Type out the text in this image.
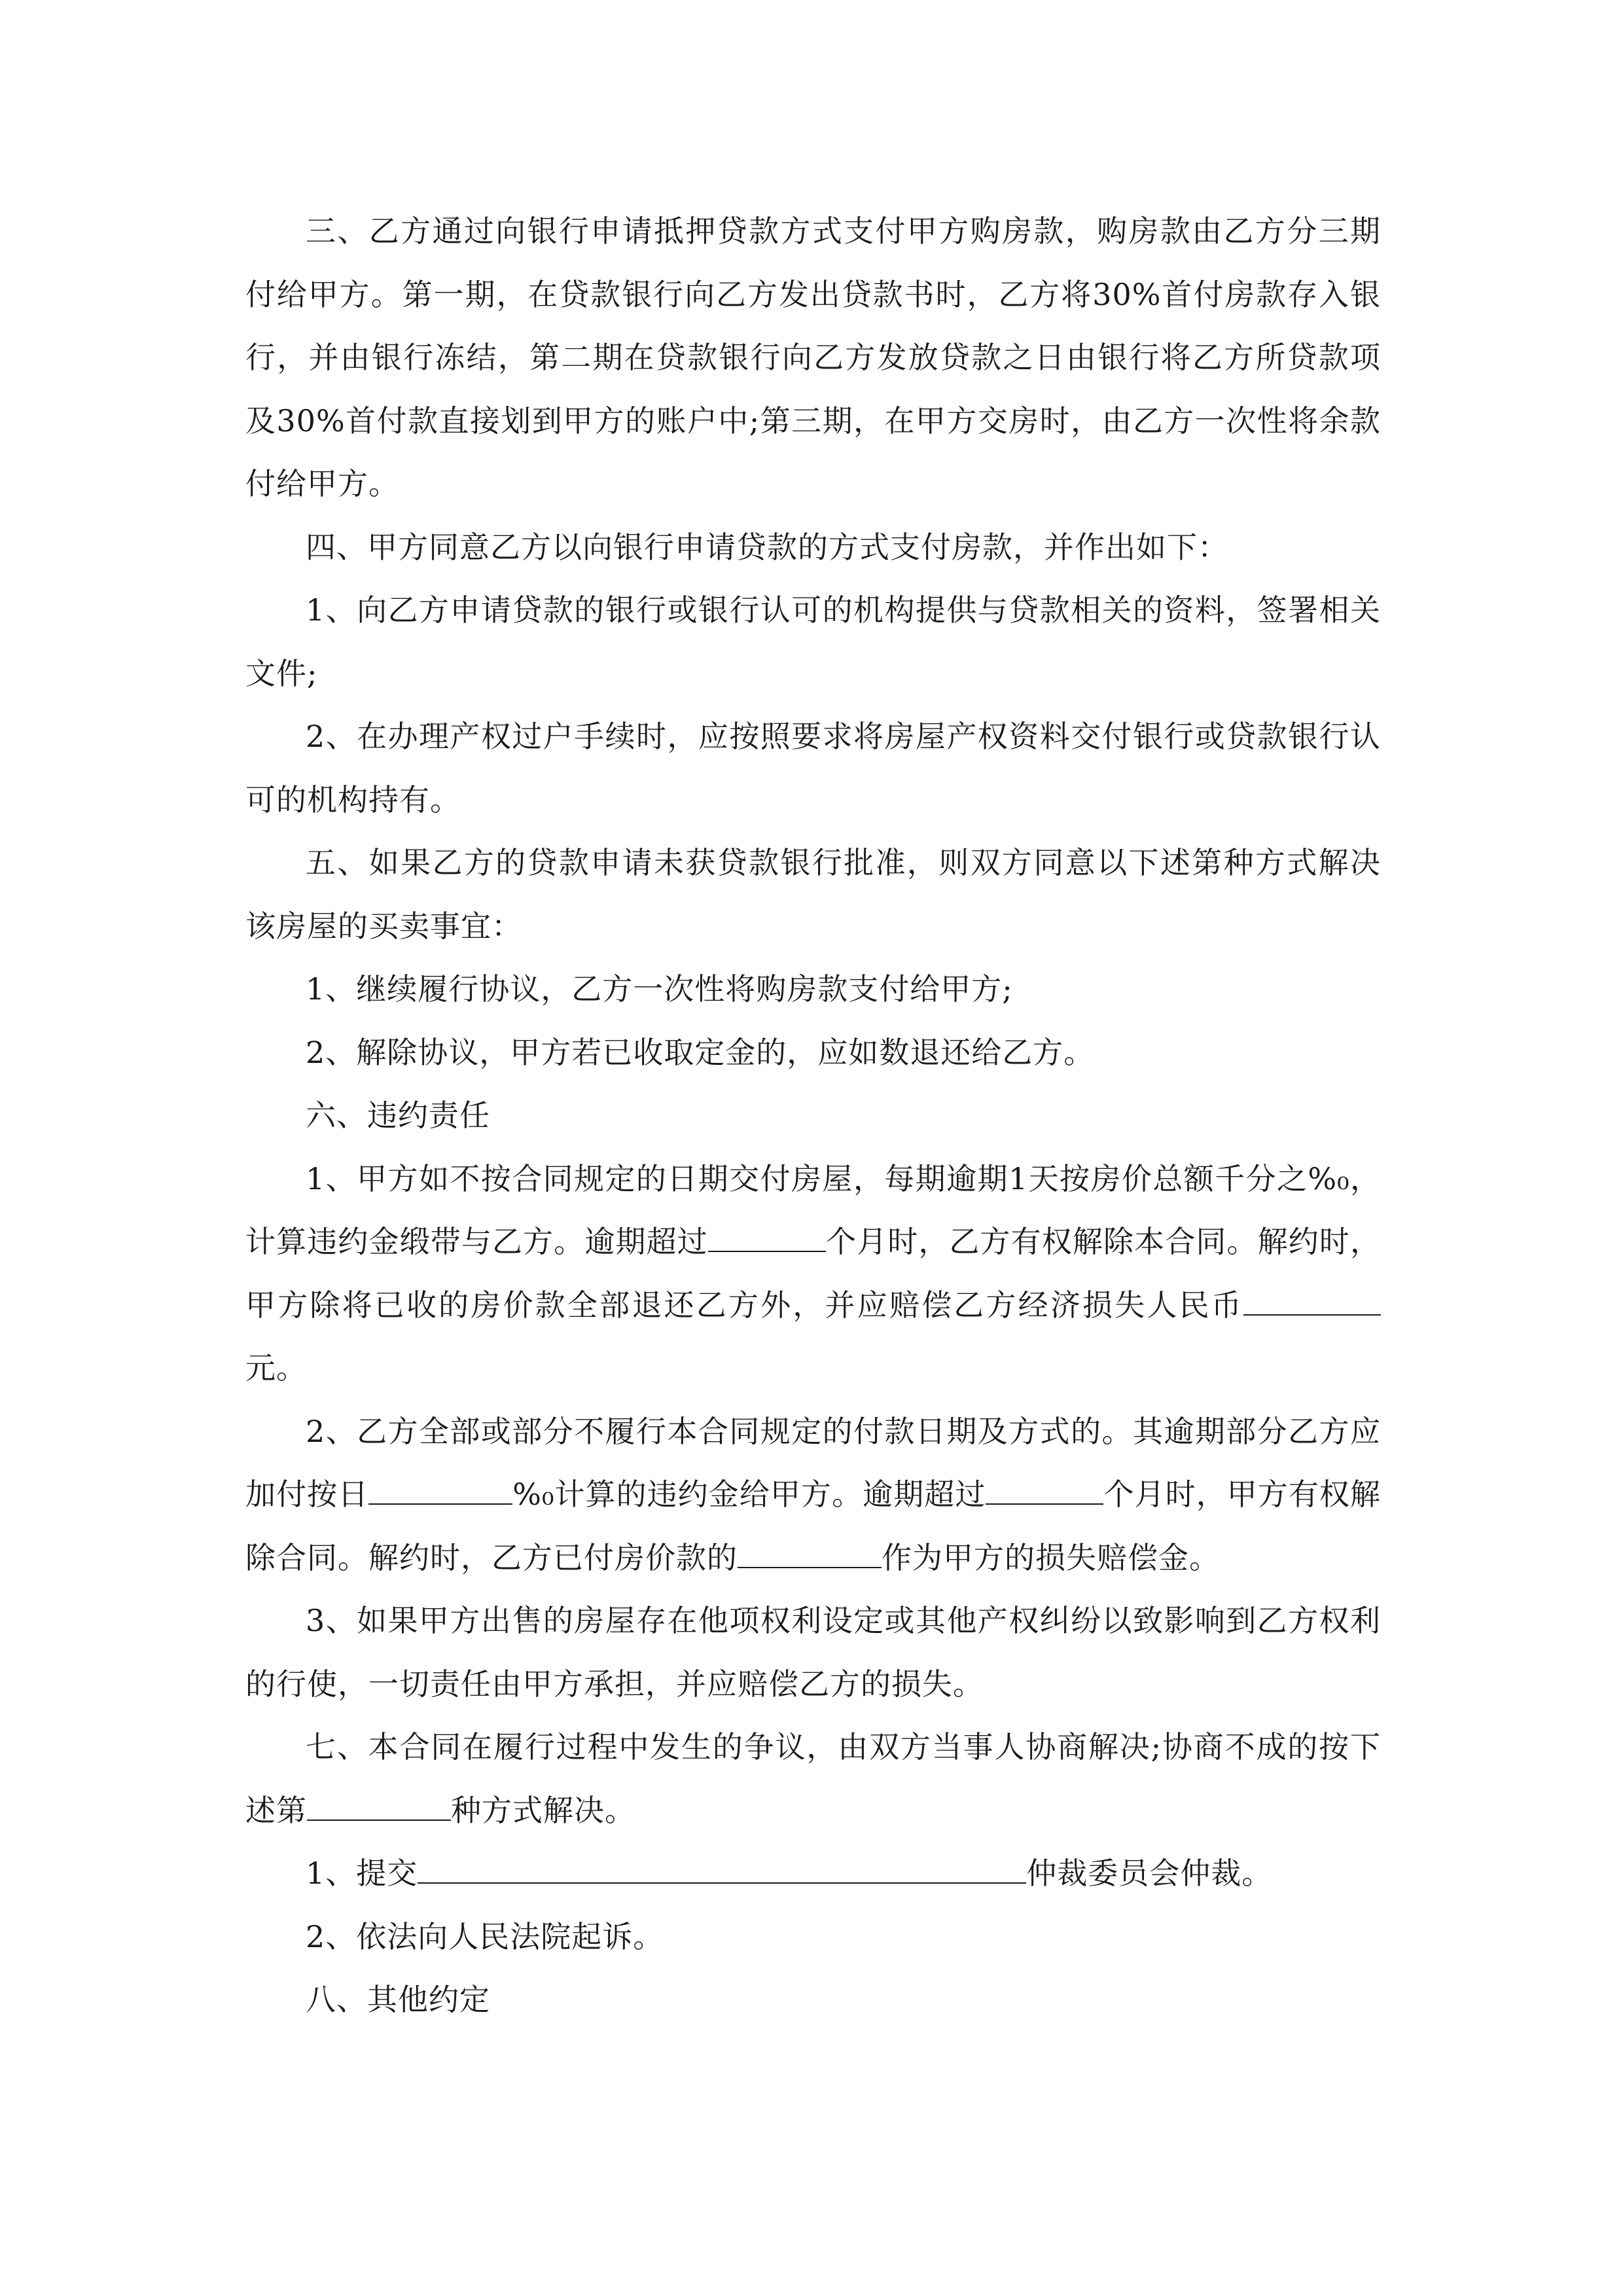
三、乙方通过向银行申请抵押贷款方式支付甲方购房款，购房款由乙方分三期付给甲方。第一期，在贷款银行向乙方发出贷款书时，乙方将30%首付房款存入银行，并由银行冻结，第二期在贷款银行向乙方发放贷款之日由银行将乙方所贷款项及30%首付款直接划到甲方的账户中;第三期，在甲方交房时，由乙方一次性将余款付给甲方。

四、甲方同意乙方以向银行申请贷款的方式支付房款，并作出如下：

1、向乙方申请贷款的银行或银行认可的机构提供与贷款相关的资料，签署相关文件;

2、在办理产权过户手续时，应按照要求将房屋产权资料交付银行或贷款银行认可的机构持有。

五、如果乙方的贷款申请未获贷款银行批准，则双方同意以下述第种方式解决该房屋的买卖事宜：

1、继续履行协议，乙方一次性将购房款支付给甲方;

2、解除协议，甲方若已收取定金的，应如数退还给乙方。

六、违约责任

1、甲方如不按合同规定的日期交付房屋，每期逾期1天按房价总额千分之%₀，计算违约金缎带与乙方。逾期超过	个月时，乙方有权解除本合同。解约时，甲方除将已收的房价款全部退还乙方外，并应赔偿乙方经济损失人民币元。

2、乙方全部或部分不履行本合同规定的付款日期及方式的。其逾期部分乙方应加付按日	%₀计算的违约金给甲方。逾期超过	个月时，甲方有权解除合同。解约时，乙方已付房价款的	作为甲方的损失赔偿金。

3、如果甲方出售的房屋存在他项权利设定或其他产权纠纷以致影响到乙方权利的行使，一切责任由甲方承担，并应赔偿乙方的损失。

七、本合同在履行过程中发生的争议，由双方当事人协商解决;协商不成的按下述第	种方式解决。

1、提交	仲裁委员会仲裁。

2、依法向人民法院起诉。

八、其他约定
